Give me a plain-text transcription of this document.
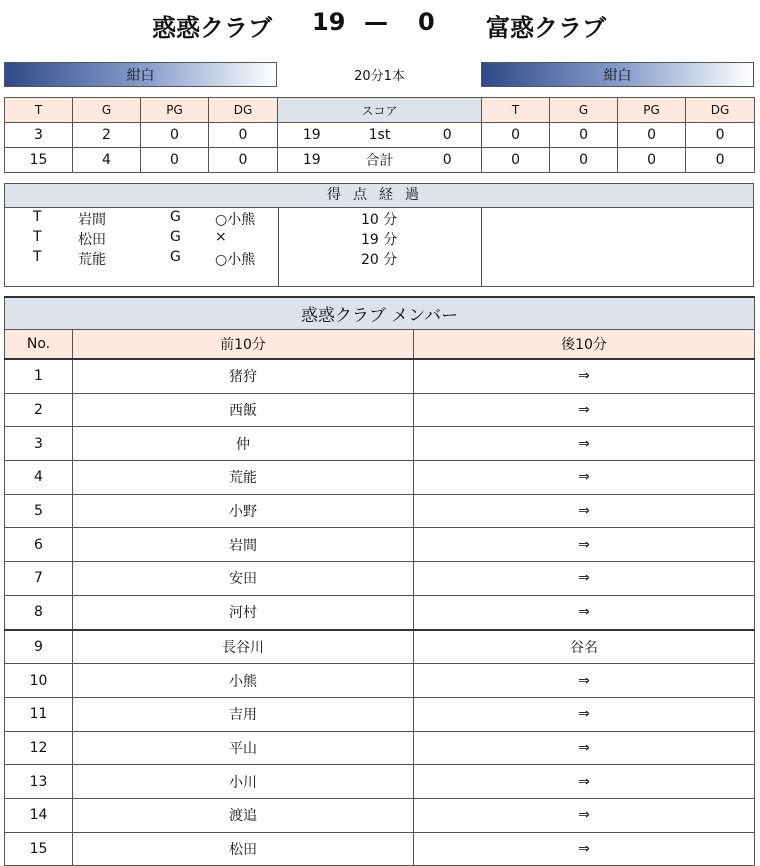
惑惑クラブ 19 — 0 富惑クラブ
紺白	20分1本	紺白
T	G	PG	DG	スコア			T	G	PG	DG
3	2	0	0	19	1st	0	0	0	0	0
15	4	0	0	19	合計	0	0	0	0	0
得点経過
T	岩間	G ○小熊	10 分
T	松田	G ×	19 分
T	荒能	G ○小熊	20 分
惑惑クラブ メンバー		
No.	前10分	後10分
1	猪狩	⇒
2	西飯	⇒
3	仲	⇒
4	荒能	⇒
5	小野	⇒
6	岩間	⇒
7	安田	⇒
8	河村	⇒
9	長谷川	谷名
10	小熊	⇒
11	吉用	⇒
12	平山	⇒
13	小川	⇒
14	渡追	⇒
15	松田	⇒
